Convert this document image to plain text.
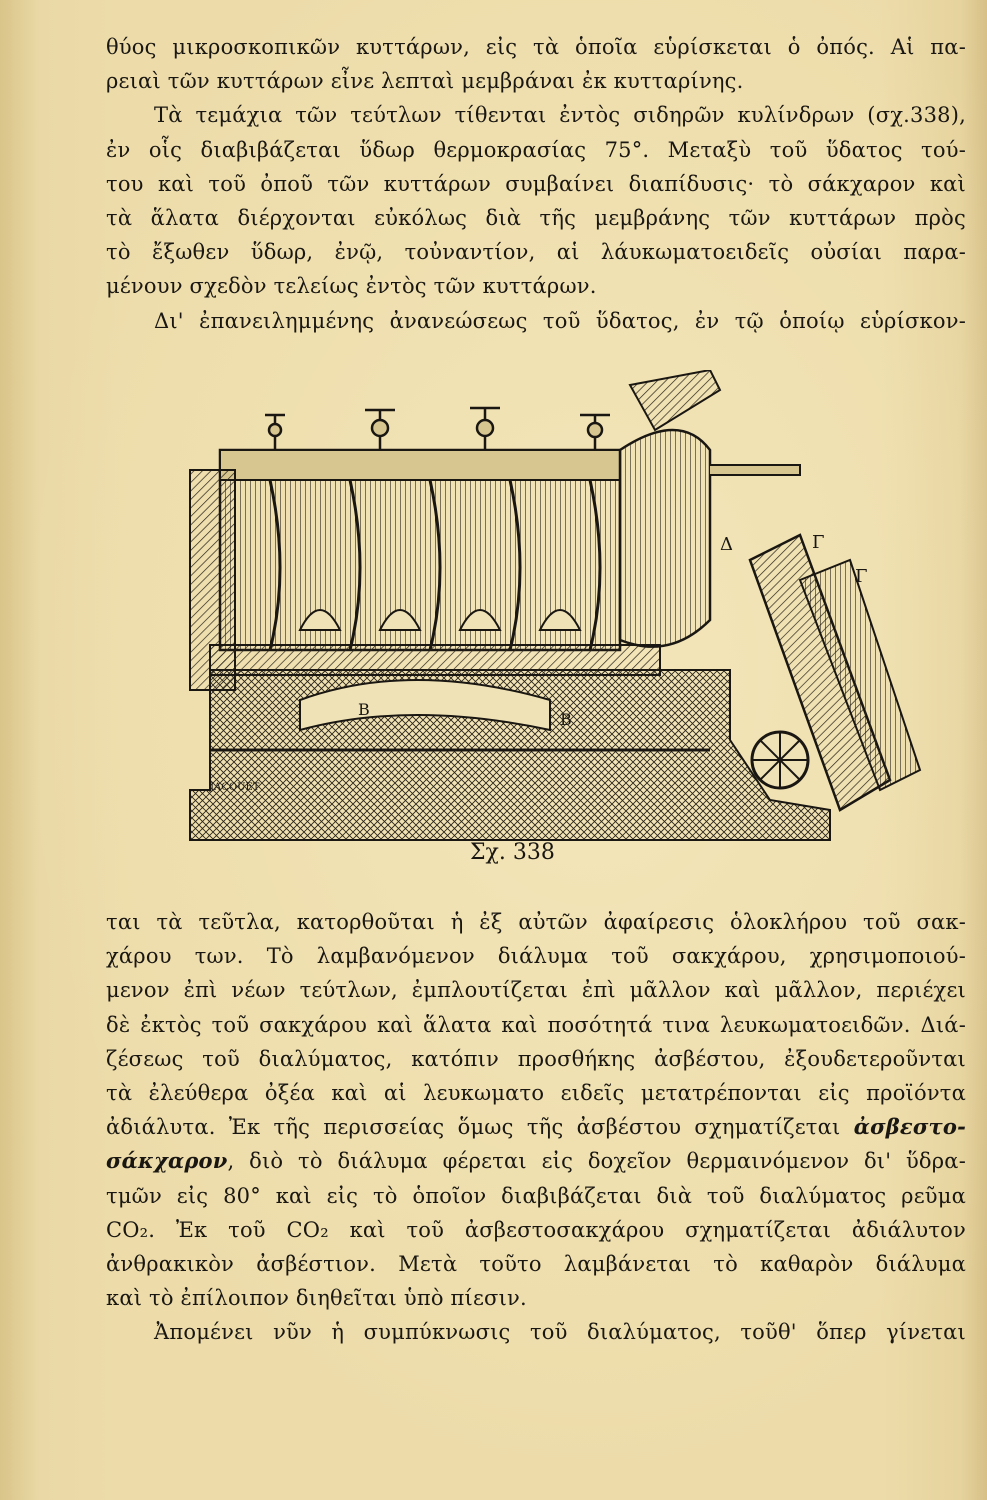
θύος μικροσκοπικῶν κυττάρων, εἰς τὰ ὁποῖα εὑρίσκεται ὁ ὀπός. Αἱ πα-
ρειαὶ τῶν κυττάρων εἶνε λεπταὶ μεμβράναι ἐκ κυτταρίνης.
Τὰ τεμάχια τῶν τεύτλων τίθενται ἐντὸς σιδηρῶν κυλίνδρων (σχ.338),
ἐν οἷς διαβιβάζεται ὕδωρ θερμοκρασίας 75°. Μεταξὺ τοῦ ὕδατος τού-
του καὶ τοῦ ὀποῦ τῶν κυττάρων συμβαίνει διαπίδυσις· τὸ σάκχαρον καὶ
τὰ ἅλατα διέρχονται εὐκόλως διὰ τῆς μεμβράνης τῶν κυττάρων πρὸς
τὸ ἔξωθεν ὕδωρ, ἐνῷ, τοὐναντίον, αἱ λάυκωματοειδεῖς οὐσίαι παρα-
μένουν σχεδὸν τελείως ἐντὸς τῶν κυττάρων.
Δι' ἐπανειλημμένης ἀνανεώσεως τοῦ ὕδατος, ἐν τῷ ὁποίῳ εὑρίσκον-
Δ	Γ
Γ
Β
Β
JACQUET
Σχ. 338
ται τὰ τεῦτλα, κατορθοῦται ἡ ἐξ αὐτῶν ἀφαίρεσις ὁλοκλήρου τοῦ σακ-
χάρου των. Τὸ λαμβανόμενον διάλυμα τοῦ σακχάρου, χρησιμοποιού-
μενον ἐπὶ νέων τεύτλων, ἐμπλουτίζεται ἐπὶ μᾶλλον καὶ μᾶλλον, περιέχει
δὲ ἐκτὸς τοῦ σακχάρου καὶ ἅλατα καὶ ποσότητά τινα λευκωματοειδῶν. Διά-
ζέσεως τοῦ διαλύματος, κατόπιν προσθήκης ἀσβέστου, ἐξουδετεροῦνται
τὰ ἐλεύθερα ὀξέα καὶ αἱ λευκωματο ειδεῖς μετατρέπονται εἰς προϊόντα
ἀδιάλυτα. Ἐκ τῆς περισσείας ὅμως τῆς ἀσβέστου σχηματίζεται ἀσβεστο-
σάκχαρον, διὸ τὸ διάλυμα φέρεται εἰς δοχεῖον θερμαινόμενον δι' ὕδρα-
τμῶν εἰς 80° καὶ εἰς τὸ ὁποῖον διαβιβάζεται διὰ τοῦ διαλύματος ρεῦμα
CO₂. Ἐκ τοῦ CO₂ καὶ τοῦ ἀσβεστοσακχάρου σχηματίζεται ἀδιάλυτον
ἀνθρακικὸν ἀσβέστιον. Μετὰ τοῦτο λαμβάνεται τὸ καθαρὸν διάλυμα
καὶ τὸ ἐπίλοιπον διηθεῖται ὑπὸ πίεσιν.
Ἀπομένει νῦν ἡ συμπύκνωσις τοῦ διαλύματος, τοῦθ' ὅπερ γίνεται
